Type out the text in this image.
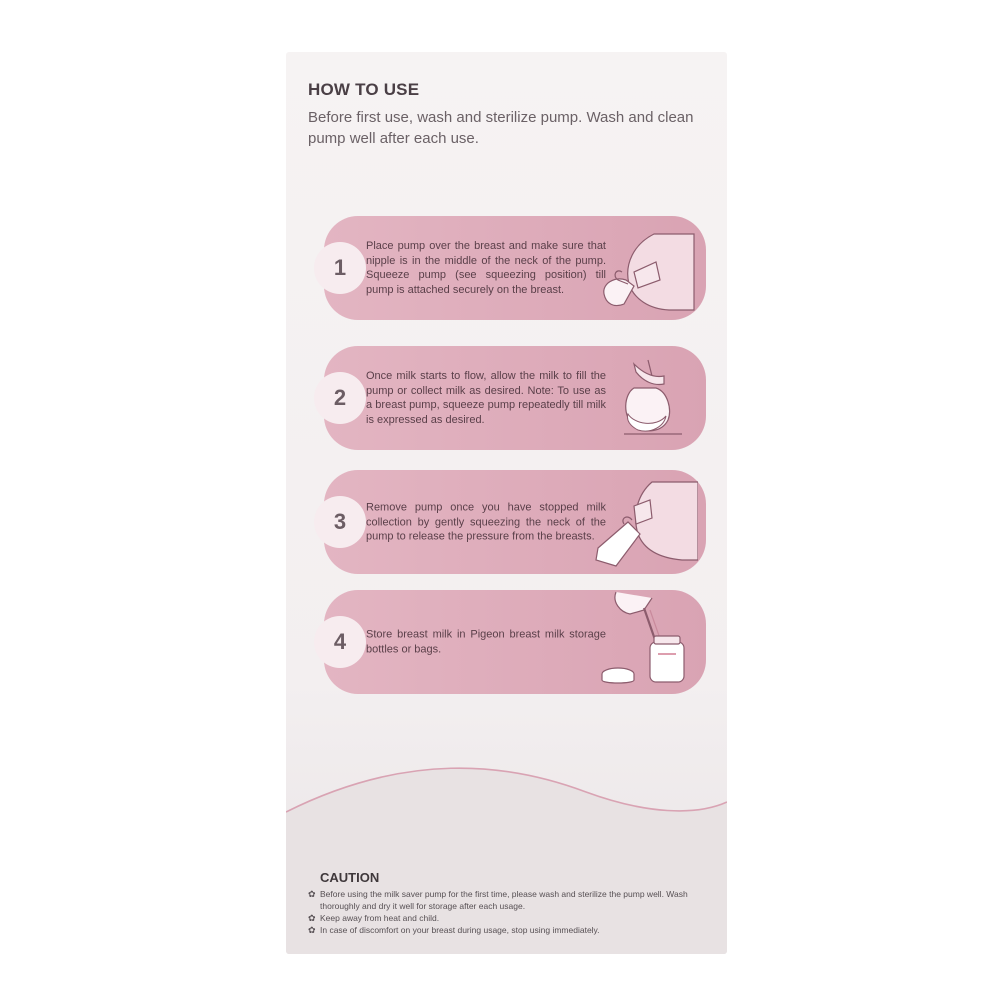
HOW TO USE
Before first use, wash and sterilize pump. Wash and clean pump well after each use.
1
Place pump over the breast and make sure that nipple is in the middle of the neck of the pump. Squeeze pump (see squeezing position) till pump is attached securely on the breast.
2
Once milk starts to flow, allow the milk to fill the pump or collect milk as desired. Note: To use as a breast pump, squeeze pump repeatedly till milk is expressed as desired.
3
Remove pump once you have stopped milk collection by gently squeezing the neck of the pump to release the pressure from the breasts.
4	Store breast milk in Pigeon breast milk storage bottles or bags.
CAUTION
✿ Before using the milk saver pump for the first time, please wash and sterilize the pump well. Wash thoroughly and dry it well for storage after each usage.
✿ Keep away from heat and child.
✿ In case of discomfort on your breast during usage, stop using immediately.
